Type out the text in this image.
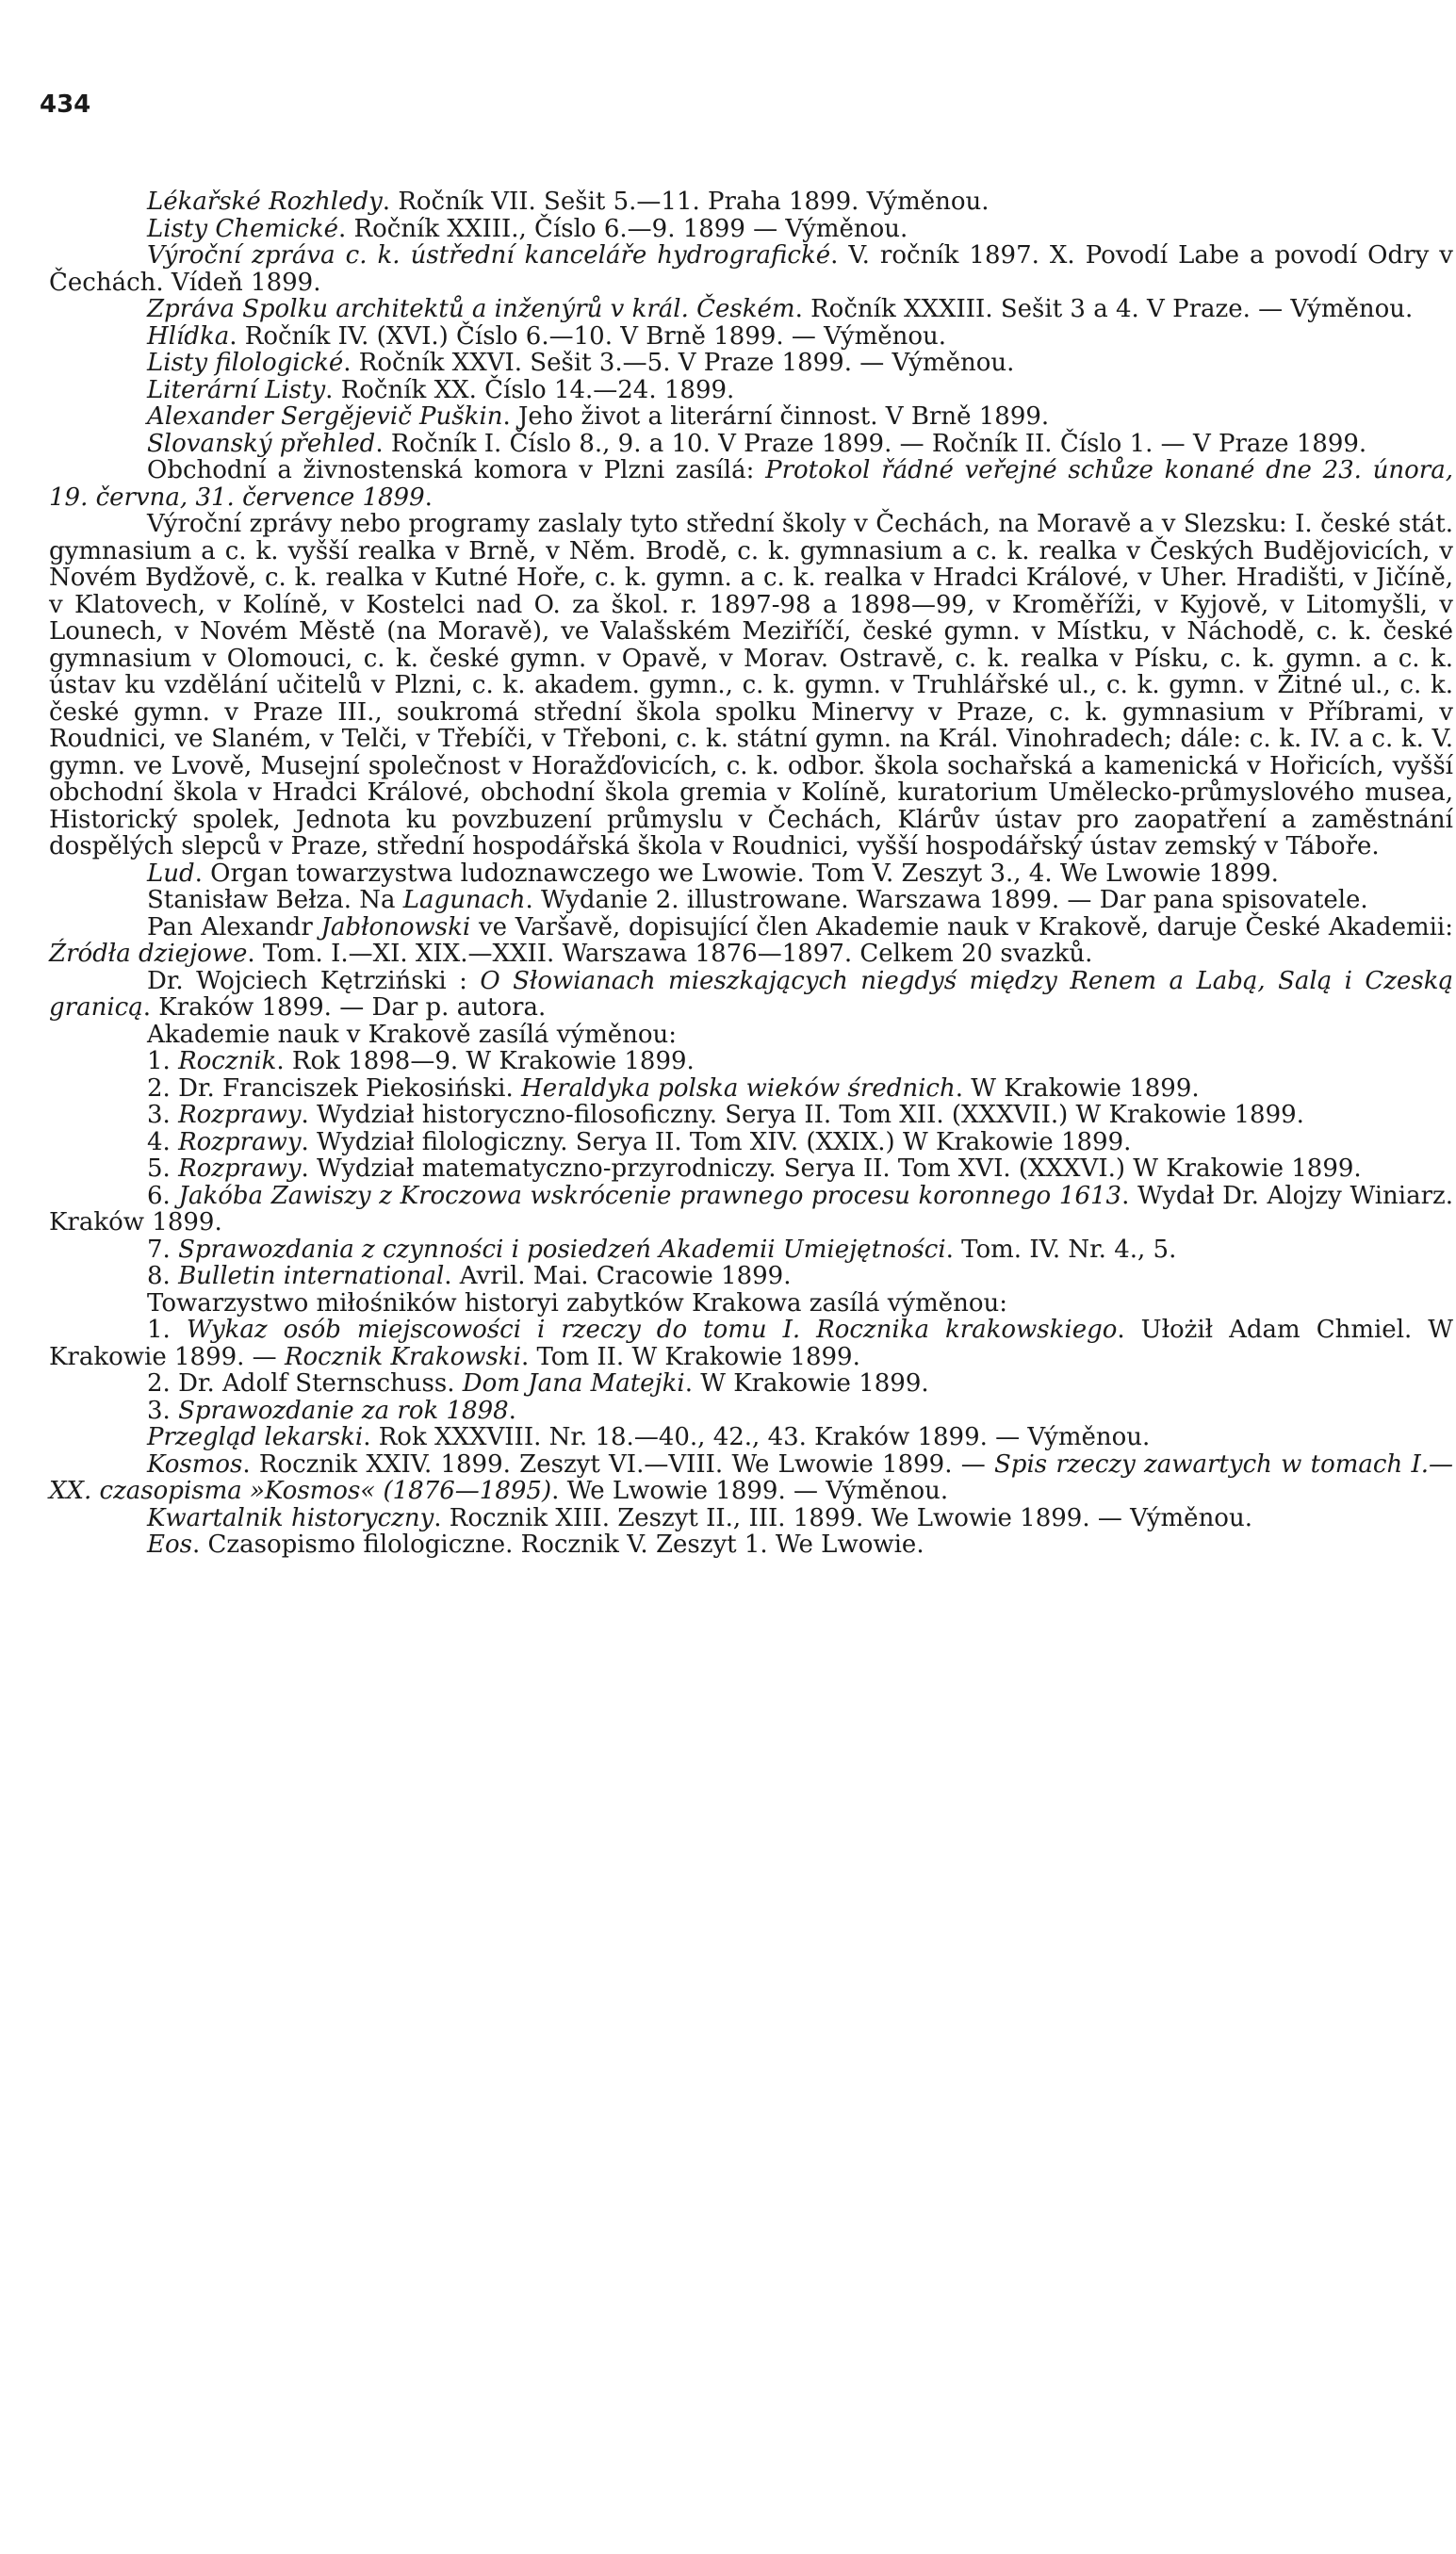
434

Lékařské Rozhledy. Ročník VII. Sešit 5.—11. Praha 1899. Výměnou.

Listy Chemické. Ročník XXIII., Číslo 6.—9. 1899 — Výměnou.

Výroční zpráva c. k. ústřední kanceláře hydrografické. V. ročník 1897. X. Povodí Labe a povodí Odry v Čechách. Vídeň 1899.

Zpráva Spolku architektů a inženýrů v král. Českém. Ročník XXXIII. Sešit 3 a 4. V Praze. — Výměnou.

Hlídka. Ročník IV. (XVI.) Číslo 6.—10. V Brně 1899. — Výměnou.

Listy filologické. Ročník XXVI. Sešit 3.—5. V Praze 1899. — Výměnou.

Literární Listy. Ročník XX. Číslo 14.—24. 1899.

Alexander Sergějevič Puškin. Jeho život a literární činnost. V Brně 1899.

Slovanský přehled. Ročník I. Číslo 8., 9. a 10. V Praze 1899. — Ročník II. Číslo 1. — V Praze 1899.

Obchodní a živnostenská komora v Plzni zasílá: Protokol řádné veřejné schůze konané dne 23. února, 19. června, 31. července 1899.

Výroční zprávy nebo programy zaslaly tyto střední školy v Čechách, na Moravě a v Slezsku: I. české stát. gymnasium a c. k. vyšší realka v Brně, v Něm. Brodě, c. k. gymnasium a c. k. realka v Českých Budějovicích, v Novém Bydžově, c. k. realka v Kutné Hoře, c. k. gymn. a c. k. realka v Hradci Králové, v Uher. Hradišti, v Jičíně, v Klatovech, v Kolíně, v Kostelci nad O. za škol. r. 1897-98 a 1898—99, v Kroměříži, v Kyjově, v Litomyšli, v Lounech, v Novém Městě (na Moravě), ve Valašském Meziříčí, české gymn. v Místku, v Náchodě, c. k. české gymnasium v Olomouci, c. k. české gymn. v Opavě, v Morav. Ostravě, c. k. realka v Písku, c. k. gymn. a c. k. ústav ku vzdělání učitelů v Plzni, c. k. akadem. gymn., c. k. gymn. v Truhlářské ul., c. k. gymn. v Žitné ul., c. k. české gymn. v Praze III., soukromá střední škola spolku Minervy v Praze, c. k. gymnasium v Příbrami, v Roudnici, ve Slaném, v Telči, v Třebíči, v Třeboni, c. k. státní gymn. na Král. Vinohradech; dále: c. k. IV. a c. k. V. gymn. ve Lvově, Musejní společnost v Horažďovicích, c. k. odbor. škola sochařská a kamenická v Hořicích, vyšší obchodní škola v Hradci Králové, obchodní škola gremia v Kolíně, kuratorium Umělecko-průmyslového musea, Historický spolek, Jednota ku povzbuzení průmyslu v Čechách, Klárův ústav pro zaopatření a zaměstnání dospělých slepců v Praze, střední hospodářská škola v Roudnici, vyšší hospodářský ústav zemský v Táboře.

Lud. Organ towarzystwa ludoznawczego we Lwowie. Tom V. Zeszyt 3., 4. We Lwowie 1899.

Stanisław Bełza. Na Lagunach. Wydanie 2. illustrowane. Warszawa 1899. — Dar pana spisovatele.

Pan Alexandr Jabłonowski ve Varšavě, dopisující člen Akademie nauk v Krakově, daruje České Akademii: Źródła dziejowe. Tom. I.—XI. XIX.—XXII. Warszawa 1876—1897. Celkem 20 svazků.

Dr. Wojciech Kętrziński : O Słowianach mieszkających niegdyś między Renem a Labą, Salą i Czeską granicą. Kraków 1899. — Dar p. autora.

Akademie nauk v Krakově zasílá výměnou:

1. Rocznik. Rok 1898—9. W Krakowie 1899.

2. Dr. Franciszek Piekosiński. Heraldyka polska wieków średnich. W Krakowie 1899.

3. Rozprawy. Wydział historyczno-filosoficzny. Serya II. Tom XII. (XXXVII.) W Krakowie 1899.

4. Rozprawy. Wydział filologiczny. Serya II. Tom XIV. (XXIX.) W Krakowie 1899.

5. Rozprawy. Wydział matematyczno-przyrodniczy. Serya II. Tom XVI. (XXXVI.) W Krakowie 1899.

6. Jakóba Zawiszy z Kroczowa wskrócenie prawnego procesu koronnego 1613. Wydał Dr. Alojzy Winiarz. Kraków 1899.

7. Sprawozdania z czynności i posiedzeń Akademii Umiejętności. Tom. IV. Nr. 4., 5.

8. Bulletin international. Avril. Mai. Cracowie 1899.

Towarzystwo miłośników historyi zabytków Krakowa zasílá výměnou:

1. Wykaz osób miejscowości i rzeczy do tomu I. Rocznika krakowskiego. Ułożił Adam Chmiel. W Krakowie 1899. — Rocznik Krakowski. Tom II. W Krakowie 1899.

2. Dr. Adolf Sternschuss. Dom Jana Matejki. W Krakowie 1899.

3. Sprawozdanie za rok 1898.

Przegląd lekarski. Rok XXXVIII. Nr. 18.—40., 42., 43. Kraków 1899. — Výměnou.

Kosmos. Rocznik XXIV. 1899. Zeszyt VI.—VIII. We Lwowie 1899. — Spis rzeczy zawartych w tomach I.—XX. czasopisma »Kosmos« (1876—1895). We Lwowie 1899. — Výměnou.

Kwartalnik historyczny. Rocznik XIII. Zeszyt II., III. 1899. We Lwowie 1899. — Výměnou.

Eos. Czasopismo filologiczne. Rocznik V. Zeszyt 1. We Lwowie.
